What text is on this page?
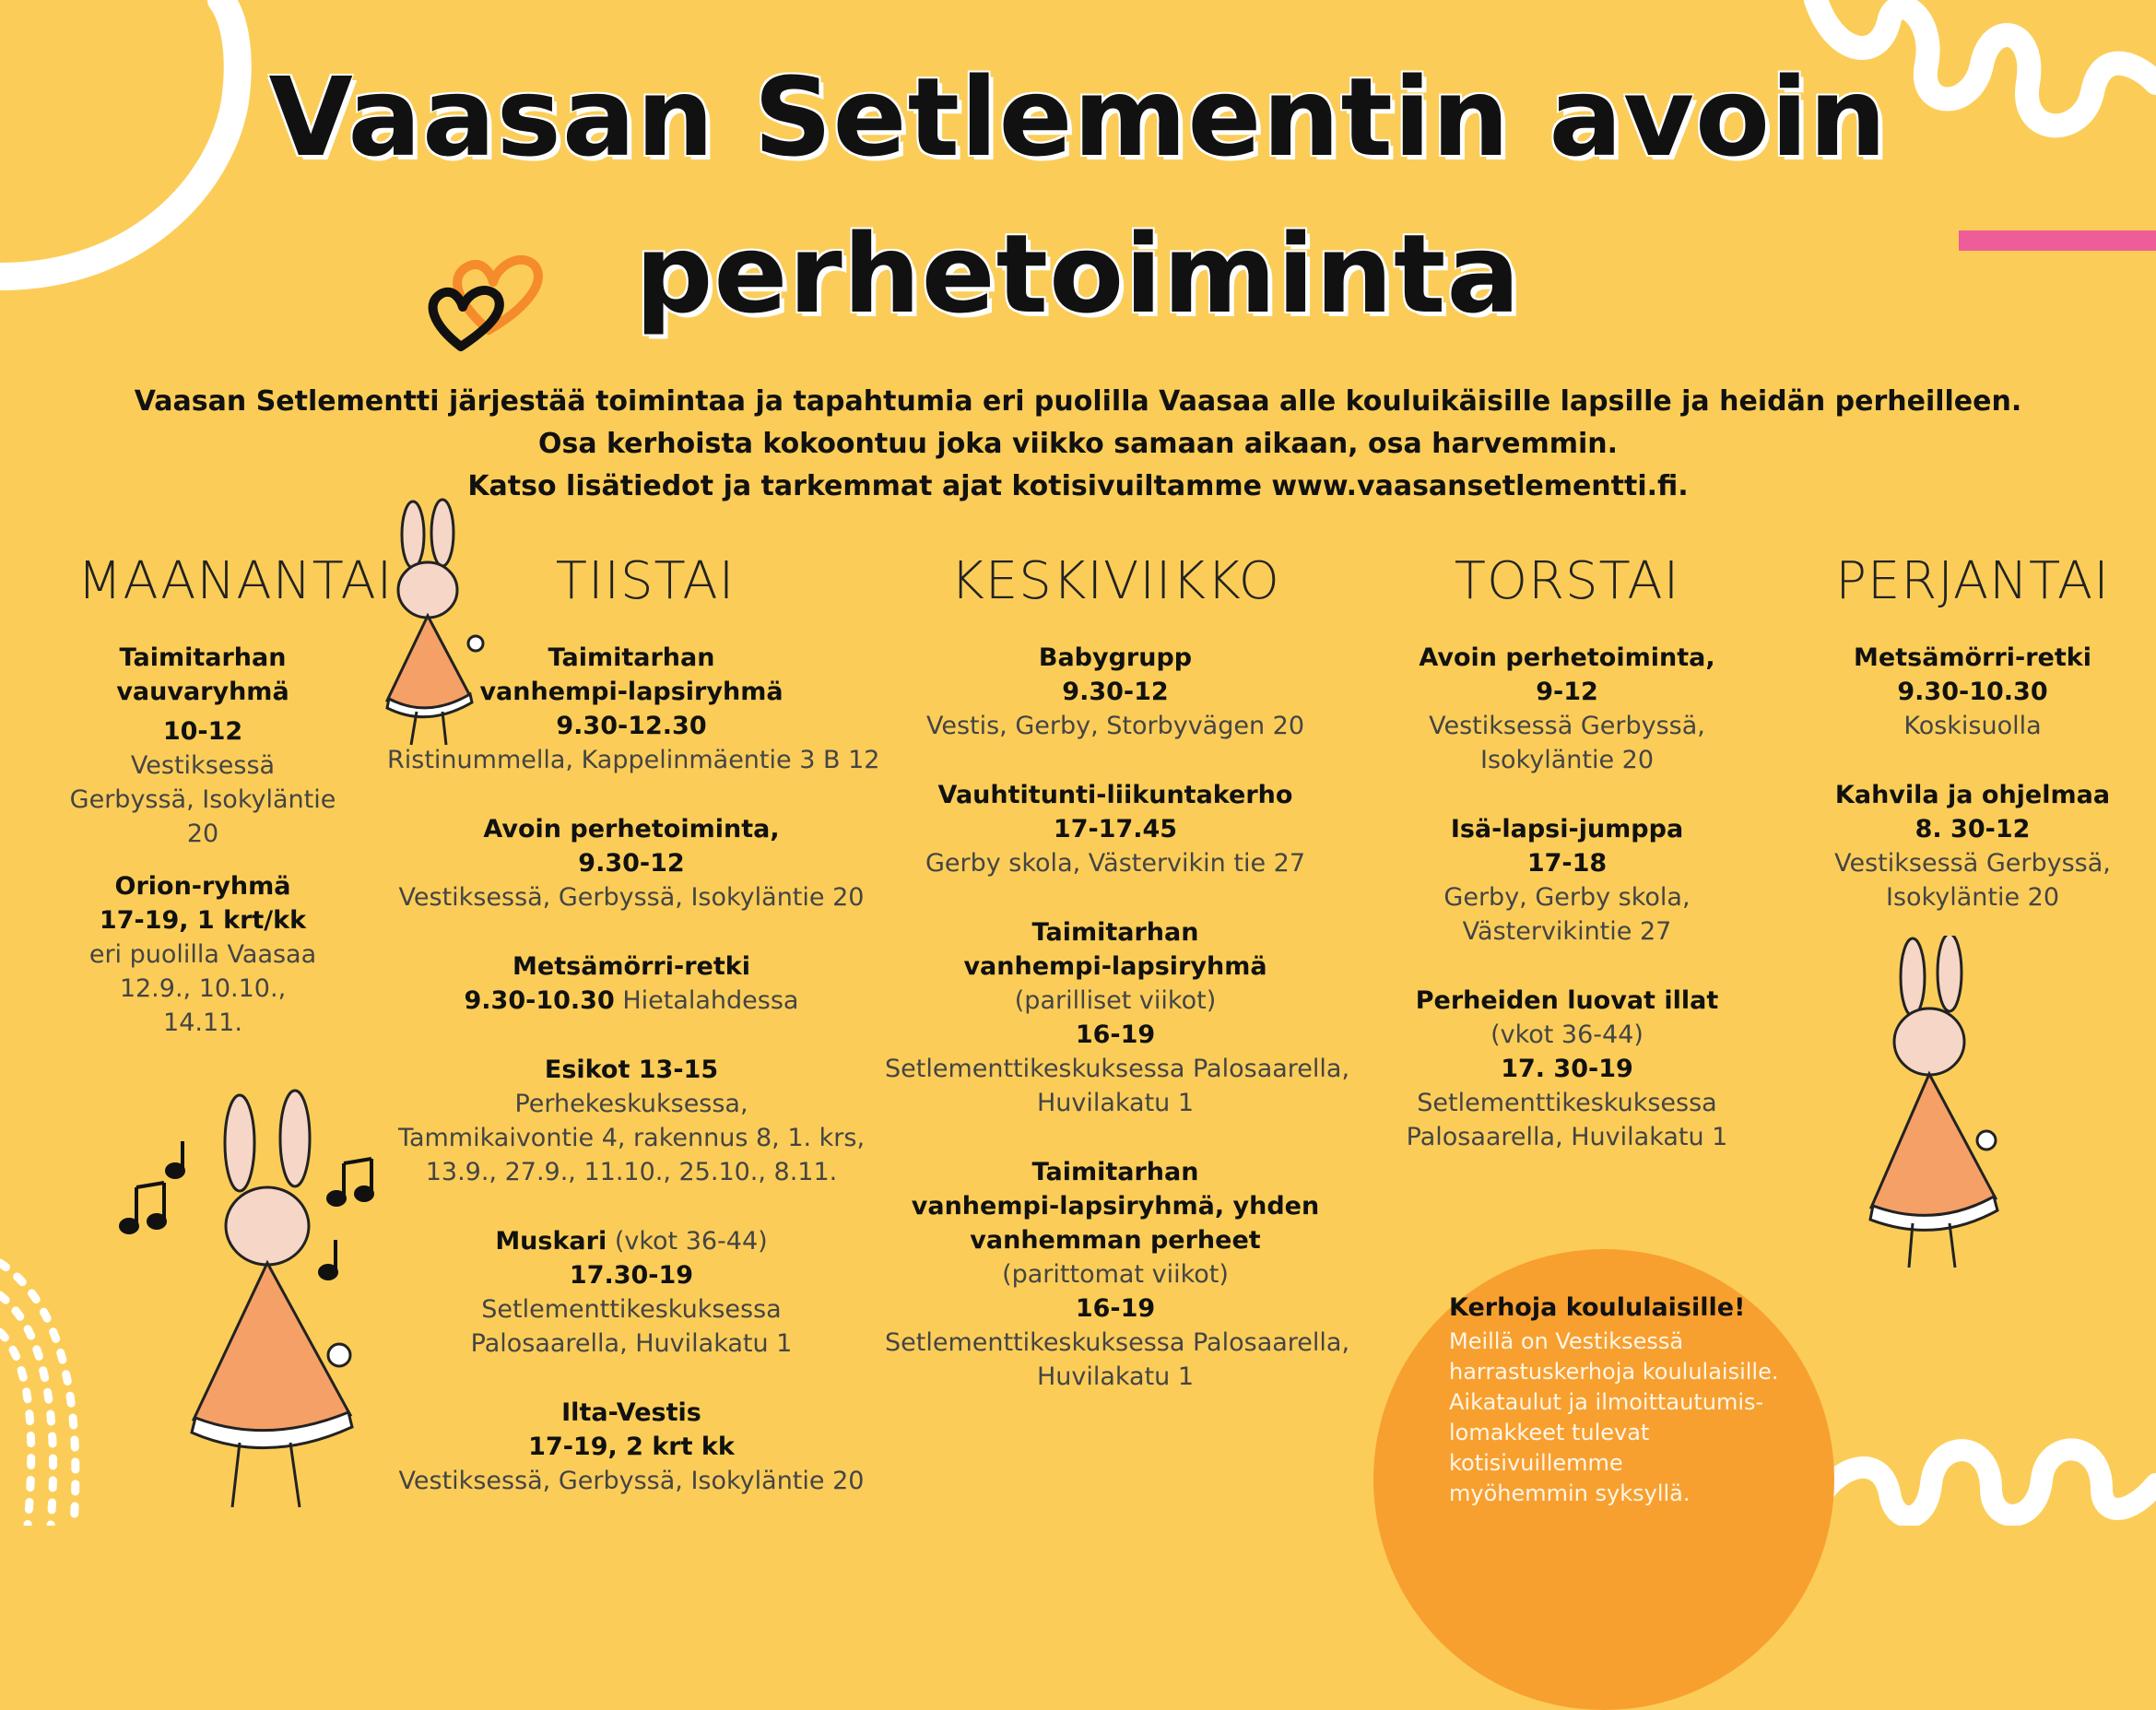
Vaasan Setlementin avoin
perhetoiminta
Vaasan Setlementti järjestää toimintaa ja tapahtumia eri puolilla Vaasaa alle kouluikäisille lapsille ja heidän perheilleen.
Osa kerhoista kokoontuu joka viikko samaan aikaan, osa harvemmin.
Katso lisätiedot ja tarkemmat ajat kotisivuiltamme www.vaasansetlementti.fi.
MAANANTAI	TIISTAI	KESKIVIIKKO	TORSTAI	PERJANTAI
Taimitarhan
vauvaryhmä
10-12
Vestiksessä
Gerbyssä, Isokyläntie
20
Orion-ryhmä
17-19, 1 krt/kk
eri puolilla Vaasaa
12.9., 10.10.,
14.11.
Taimitarhan
vanhempi-lapsiryhmä
9.30-12.30
Ristinummella, Kappelinmäentie 3 B 12
Avoin perhetoiminta,
9.30-12
Vestiksessä, Gerbyssä, Isokyläntie 20
Metsämörri-retki
9.30-10.30 Hietalahdessa
Esikot 13-15
Perhekeskuksessa,
Tammikaivontie 4, rakennus 8, 1. krs,
13.9., 27.9., 11.10., 25.10., 8.11.
Muskari (vkot 36-44)
17.30-19
Setlementtikeskuksessa
Palosaarella, Huvilakatu 1
Ilta-Vestis
17-19, 2 krt kk
Vestiksessä, Gerbyssä, Isokyläntie 20
Babygrupp
9.30-12
Vestis, Gerby, Storbyvägen 20
Vauhtitunti-liikuntakerho
17-17.45
Gerby skola, Västervikin tie 27
Taimitarhan
vanhempi-lapsiryhmä
(parilliset viikot)
16-19
Setlementtikeskuksessa Palosaarella,
Huvilakatu 1
Taimitarhan
vanhempi-lapsiryhmä, yhden
vanhemman perheet
(parittomat viikot)
16-19
Setlementtikeskuksessa Palosaarella,
Huvilakatu 1
Avoin perhetoiminta,
9-12
Vestiksessä Gerbyssä,
Isokyläntie 20
Isä-lapsi-jumppa
17-18
Gerby, Gerby skola,
Västervikintie 27
Perheiden luovat illat
(vkot 36-44)
17. 30-19
Setlementtikeskuksessa
Palosaarella, Huvilakatu 1
Metsämörri-retki
9.30-10.30
Koskisuolla
Kahvila ja ohjelmaa
8. 30-12
Vestiksessä Gerbyssä,
Isokyläntie 20
Kerhoja koululaisille!
Meillä on Vestiksessä
harrastuskerhoja koululaisille.
Aikataulut ja ilmoittautumis-
lomakkeet tulevat kotisivuillemme
myöhemmin syksyllä.
